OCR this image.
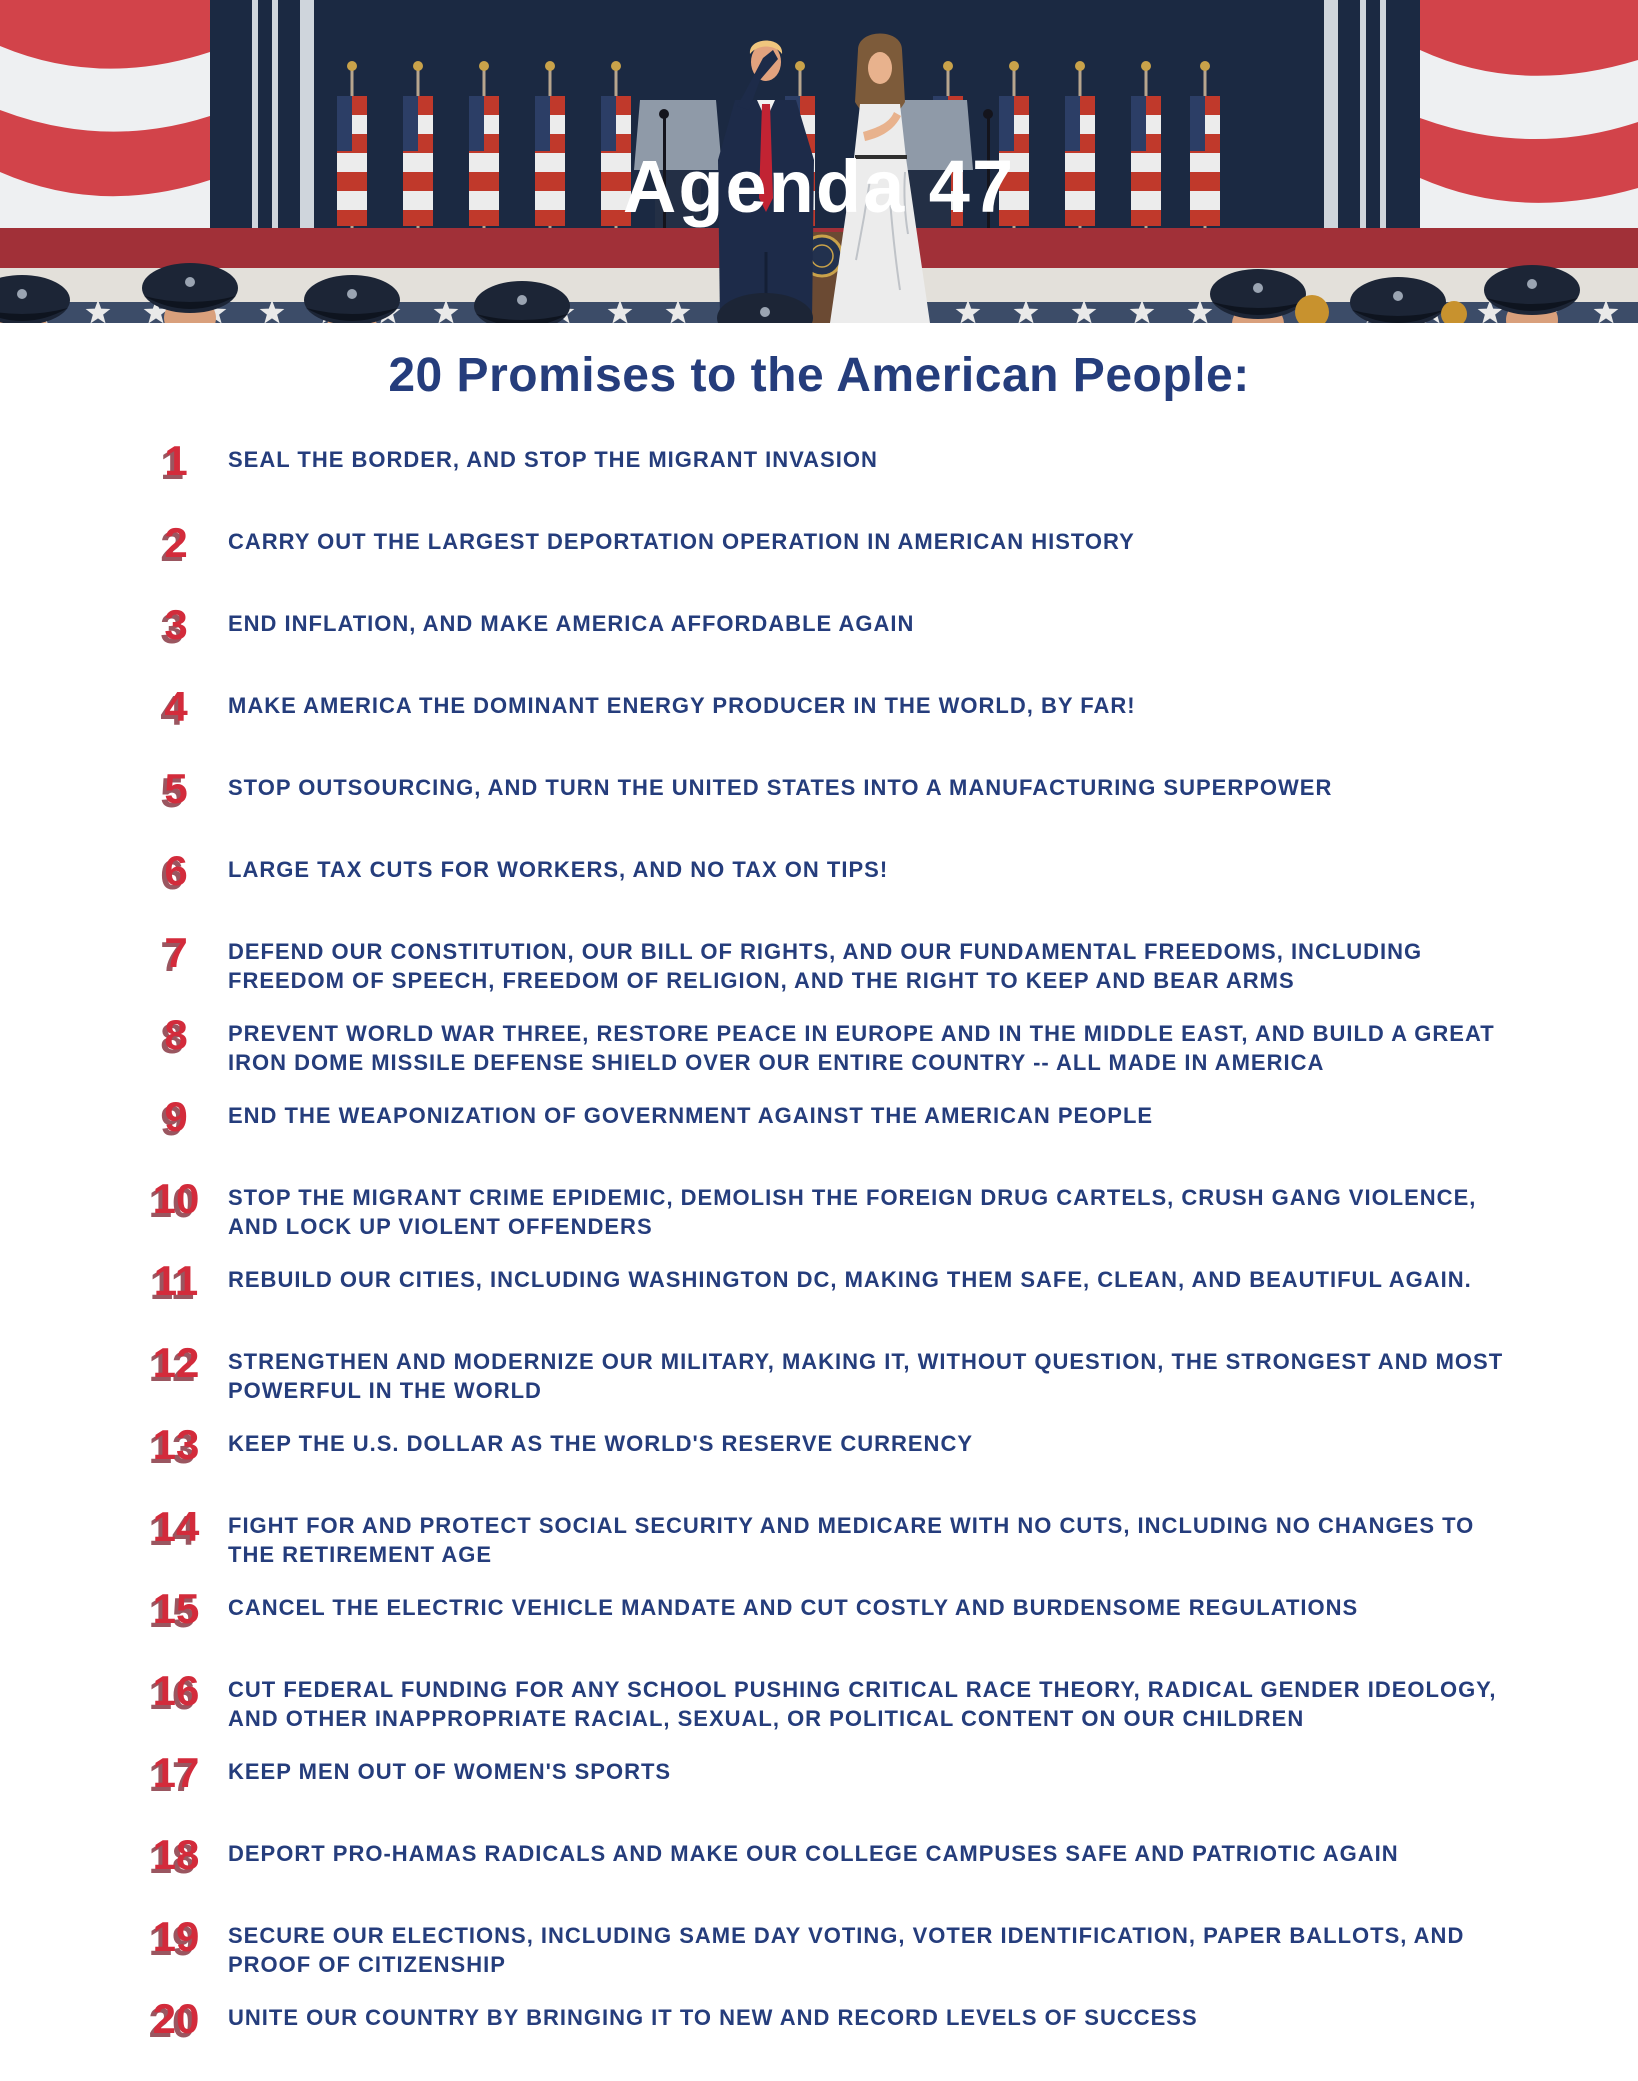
Agenda 47
20 Promises to the American People:
1	SEAL THE BORDER, AND STOP THE MIGRANT INVASION
2	CARRY OUT THE LARGEST DEPORTATION OPERATION IN AMERICAN HISTORY
3	END INFLATION, AND MAKE AMERICA AFFORDABLE AGAIN
4	MAKE AMERICA THE DOMINANT ENERGY PRODUCER IN THE WORLD, BY FAR!
5	STOP OUTSOURCING, AND TURN THE UNITED STATES INTO A MANUFACTURING SUPERPOWER
6	LARGE TAX CUTS FOR WORKERS, AND NO TAX ON TIPS!
7	DEFEND OUR CONSTITUTION, OUR BILL OF RIGHTS, AND OUR FUNDAMENTAL FREEDOMS, INCLUDING FREEDOM OF SPEECH, FREEDOM OF RELIGION, AND THE RIGHT TO KEEP AND BEAR ARMS
8	PREVENT WORLD WAR THREE, RESTORE PEACE IN EUROPE AND IN THE MIDDLE EAST, AND BUILD A GREAT IRON DOME MISSILE DEFENSE SHIELD OVER OUR ENTIRE COUNTRY -- ALL MADE IN AMERICA
9	END THE WEAPONIZATION OF GOVERNMENT AGAINST THE AMERICAN PEOPLE
10	STOP THE MIGRANT CRIME EPIDEMIC, DEMOLISH THE FOREIGN DRUG CARTELS, CRUSH GANG VIOLENCE, AND LOCK UP VIOLENT OFFENDERS
11	REBUILD OUR CITIES, INCLUDING WASHINGTON DC, MAKING THEM SAFE, CLEAN, AND BEAUTIFUL AGAIN.
12	STRENGTHEN AND MODERNIZE OUR MILITARY, MAKING IT, WITHOUT QUESTION, THE STRONGEST AND MOST POWERFUL IN THE WORLD
13	KEEP THE U.S. DOLLAR AS THE WORLD'S RESERVE CURRENCY
14	FIGHT FOR AND PROTECT SOCIAL SECURITY AND MEDICARE WITH NO CUTS, INCLUDING NO CHANGES TO THE RETIREMENT AGE
15	CANCEL THE ELECTRIC VEHICLE MANDATE AND CUT COSTLY AND BURDENSOME REGULATIONS
16	CUT FEDERAL FUNDING FOR ANY SCHOOL PUSHING CRITICAL RACE THEORY, RADICAL GENDER IDEOLOGY, AND OTHER INAPPROPRIATE RACIAL, SEXUAL, OR POLITICAL CONTENT ON OUR CHILDREN
17	KEEP MEN OUT OF WOMEN'S SPORTS
18	DEPORT PRO-HAMAS RADICALS AND MAKE OUR COLLEGE CAMPUSES SAFE AND PATRIOTIC AGAIN
19	SECURE OUR ELECTIONS, INCLUDING SAME DAY VOTING, VOTER IDENTIFICATION, PAPER BALLOTS, AND PROOF OF CITIZENSHIP
20	UNITE OUR COUNTRY BY BRINGING IT TO NEW AND RECORD LEVELS OF SUCCESS
